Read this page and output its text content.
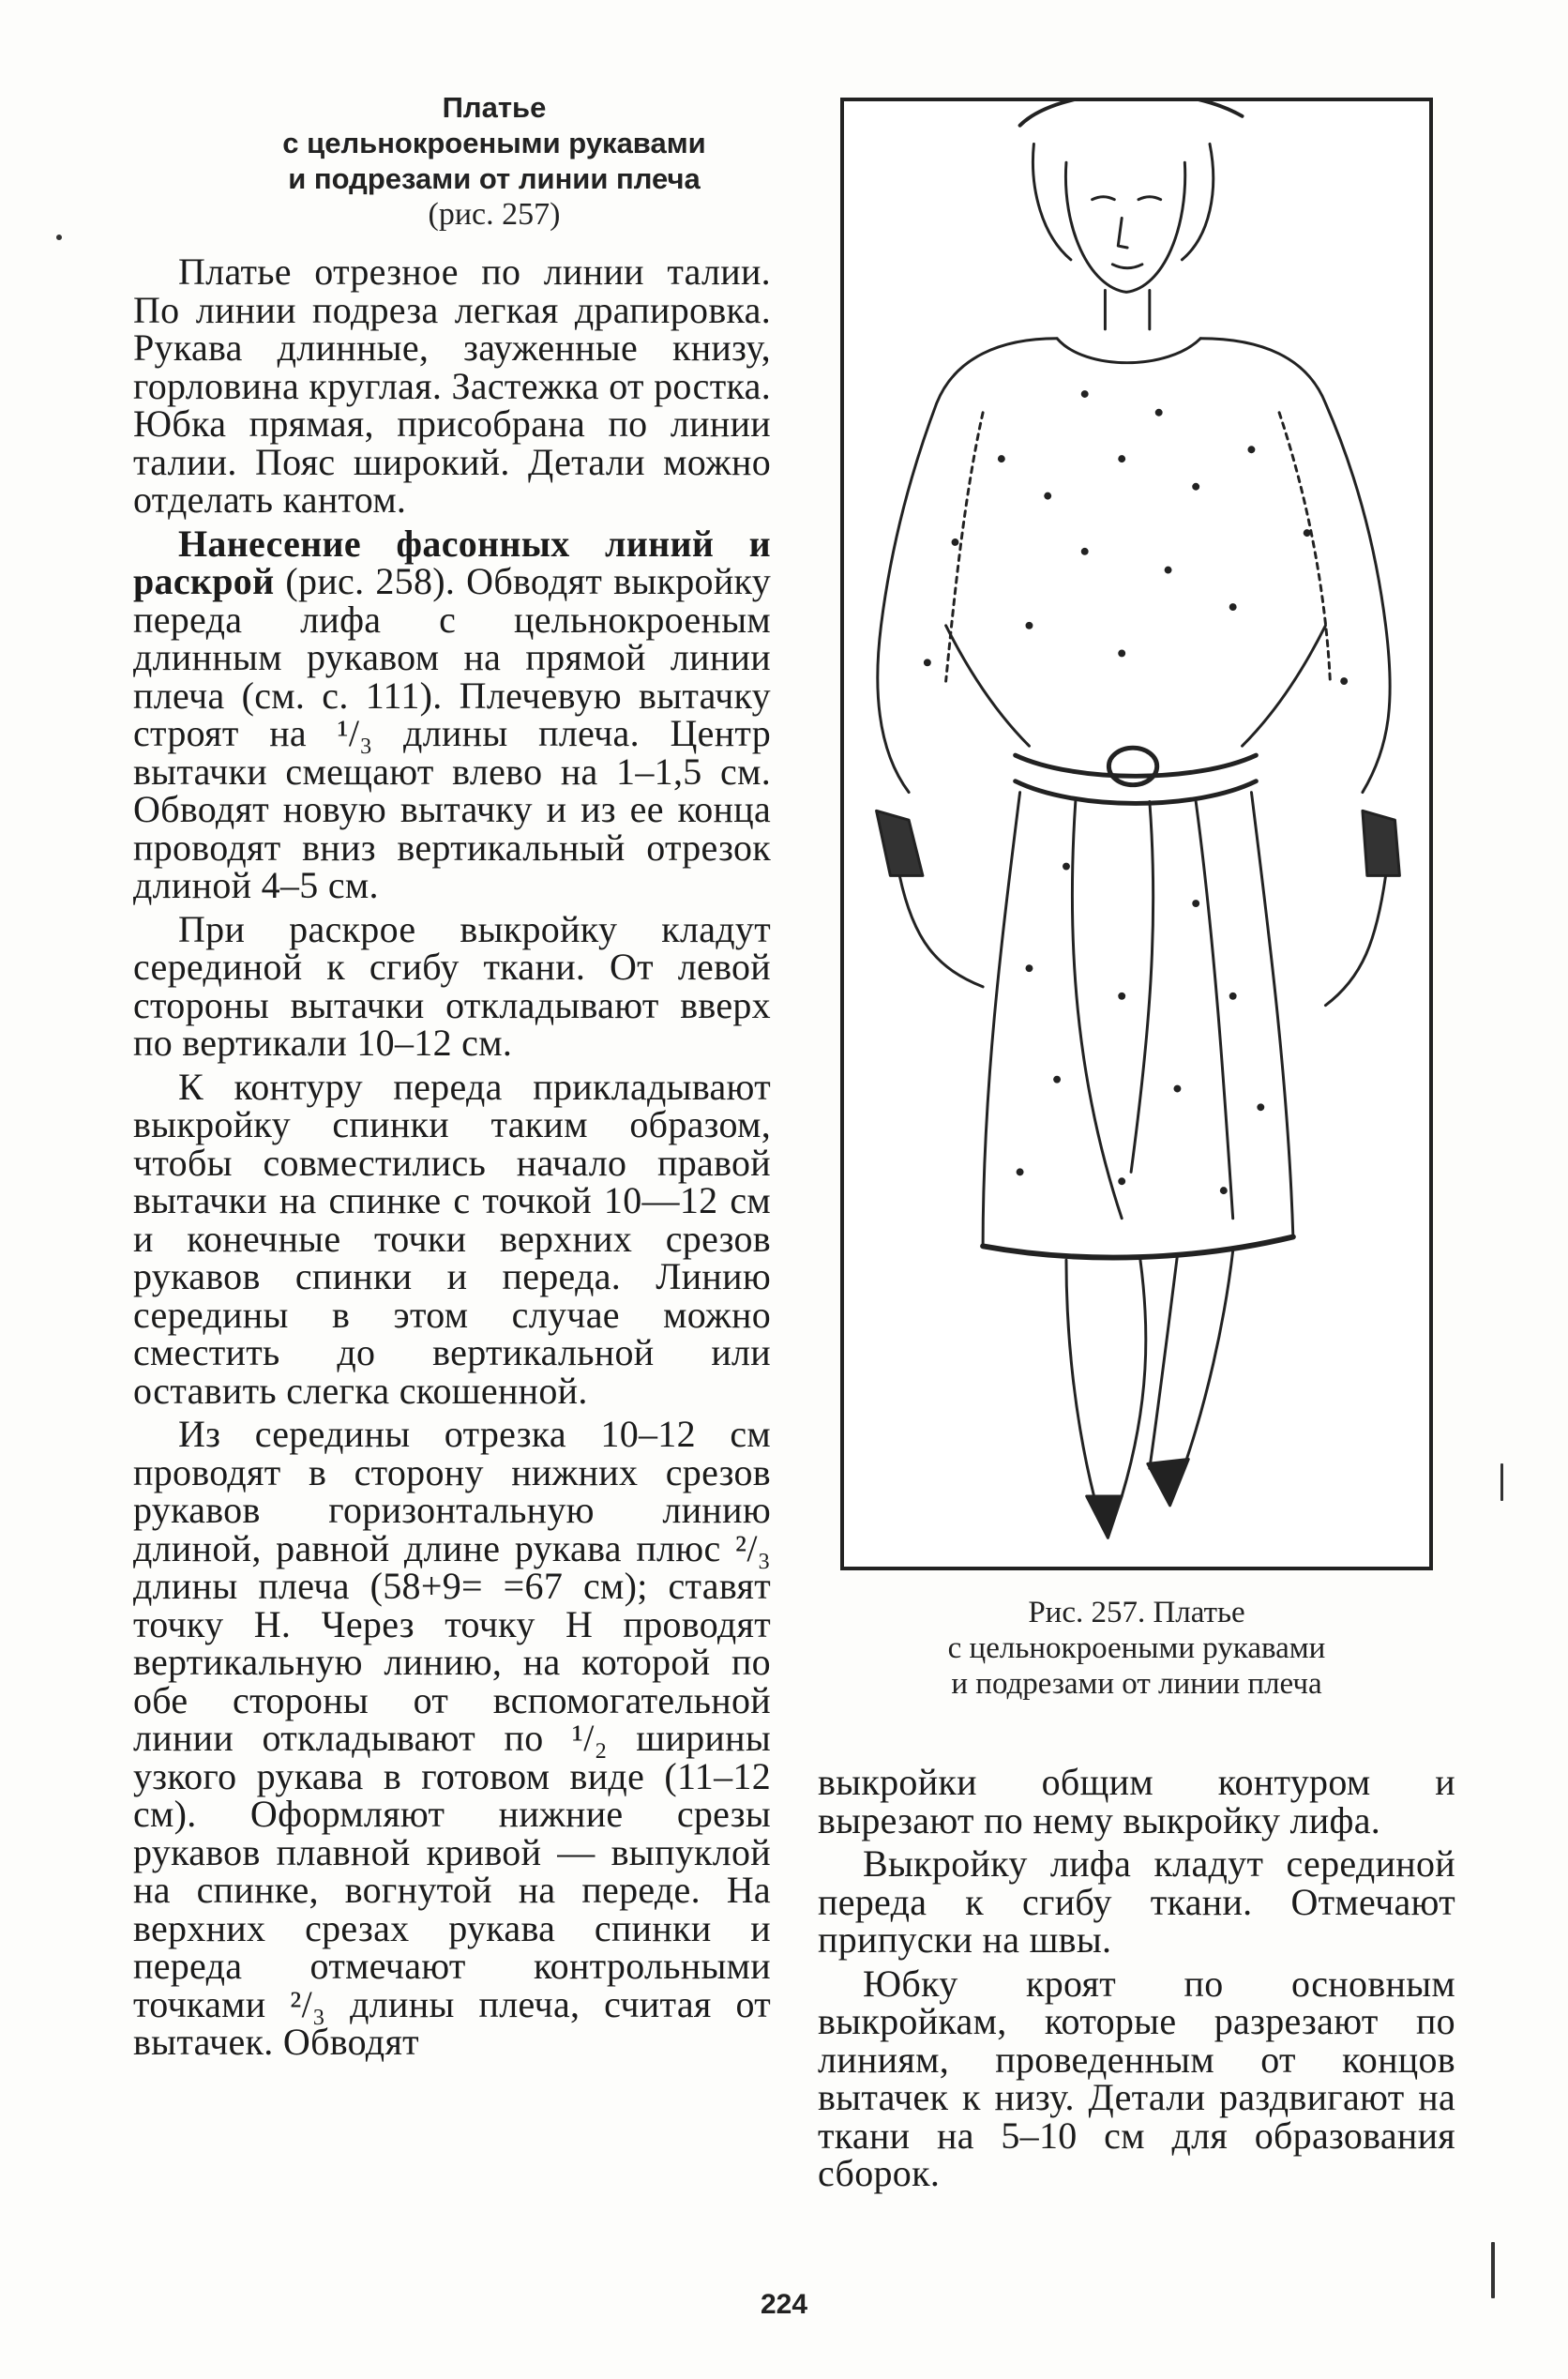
Платье
с цельнокроеными рукавами
и подрезами от линии плеча
(рис. 257)

Платье отрезное по линии талии. По линии подреза легкая драпировка. Рукава длинные, зауженные книзу, горловина круглая. Застежка от ростка. Юбка прямая, присобрана по линии талии. Пояс широкий. Детали можно отделать кантом.

Нанесение фасонных линий и раскрой (рис. 258). Обводят выкройку переда лифа с цельнокроеным длинным рукавом на прямой линии плеча (см. с. 111). Плечевую вытачку строят на ¹/₃ длины плеча. Центр вытачки смещают влево на 1–1,5 см. Обводят новую вытачку и из ее конца проводят вниз вертикальный отрезок длиной 4–5 см.

При раскрое выкройку кладут серединой к сгибу ткани. От левой стороны вытачки откладывают вверх по вертикали 10–12 см.

К контуру переда прикладывают выкройку спинки таким образом, чтобы совместились начало правой вытачки на спинке с точкой 10—12 см и конечные точки верхних срезов рукавов спинки и переда. Линию середины в этом случае можно сместить до вертикальной или оставить слегка скошенной.

Из середины отрезка 10–12 см проводят в сторону нижних срезов рукавов горизонтальную линию длиной, равной длине рукава плюс ²/₃ длины плеча (58+9= =67 см); ставят точку Н. Через точку Н проводят вертикальную линию, на которой по обе стороны от вспомогательной линии откладывают по ¹/₂ ширины узкого рукава в готовом виде (11–12 см). Оформляют нижние срезы рукавов плавной кривой — выпуклой на спинке, вогнутой на переде. На верхних срезах рукава спинки и переда отмечают контрольными точками ²/₃ длины плеча, считая от вытачек. Обводят

Рис. 257. Платье
с цельнокроеными рукавами
и подрезами от линии плеча

выкройки общим контуром и вырезают по нему выкройку лифа.

Выкройку лифа кладут серединой переда к сгибу ткани. Отмечают припуски на швы.

Юбку кроят по основным выкройкам, которые разрезают по линиям, проведенным от концов вытачек к низу. Детали раздвигают на ткани на 5–10 см для образования сборок.

224
